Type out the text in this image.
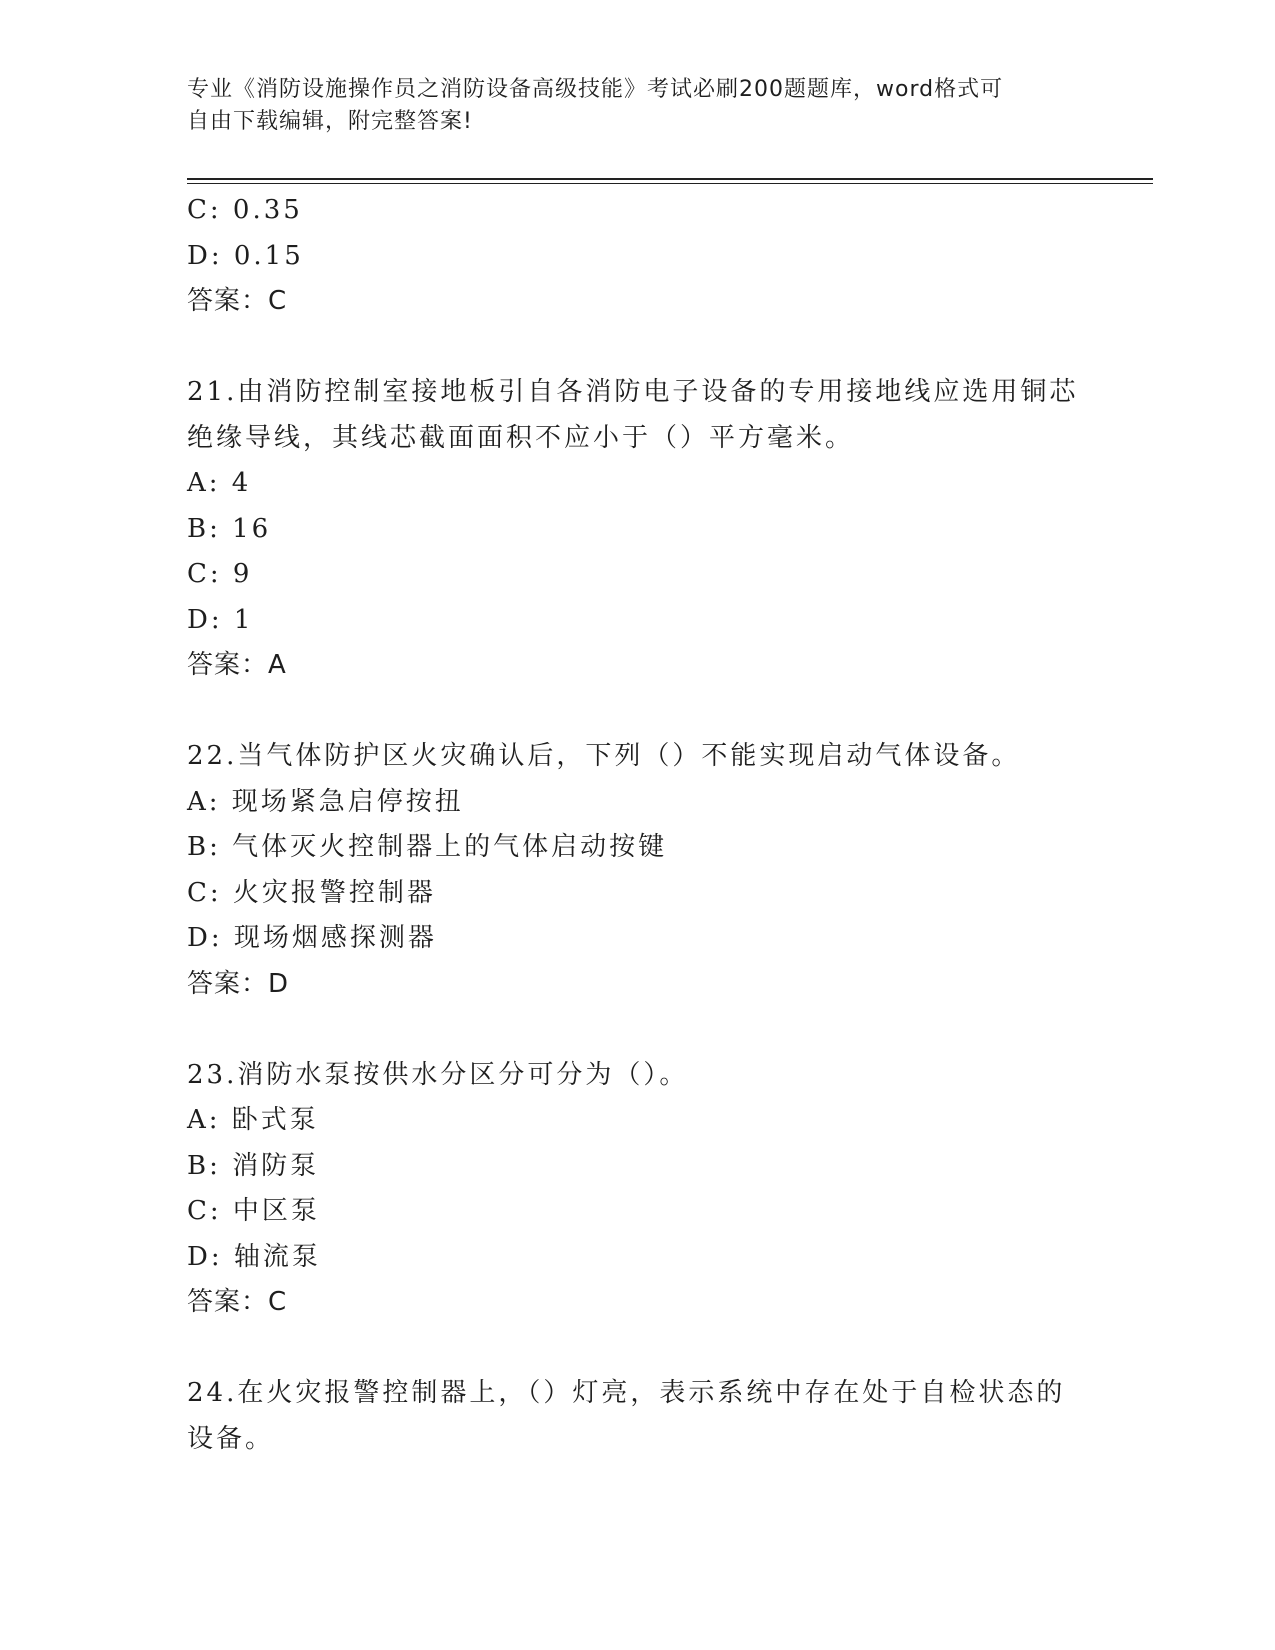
专业《消防设施操作员之消防设备高级技能》考试必刷200题题库，word格式可
自由下载编辑，附完整答案!
C: 0.35
D: 0.15
答案：C
21.由消防控制室接地板引自各消防电子设备的专用接地线应选用铜芯
绝缘导线，其线芯截面面积不应小于（）平方毫米。
A: 4
B: 16
C: 9
D: 1
答案：A
22.当气体防护区火灾确认后，下列（）不能实现启动气体设备。
A: 现场紧急启停按扭
B: 气体灭火控制器上的气体启动按键
C: 火灾报警控制器
D: 现场烟感探测器
答案：D
23.消防水泵按供水分区分可分为（）。
A: 卧式泵
B: 消防泵
C: 中区泵
D: 轴流泵
答案：C
24.在火灾报警控制器上，（）灯亮，表示系统中存在处于自检状态的
设备。
